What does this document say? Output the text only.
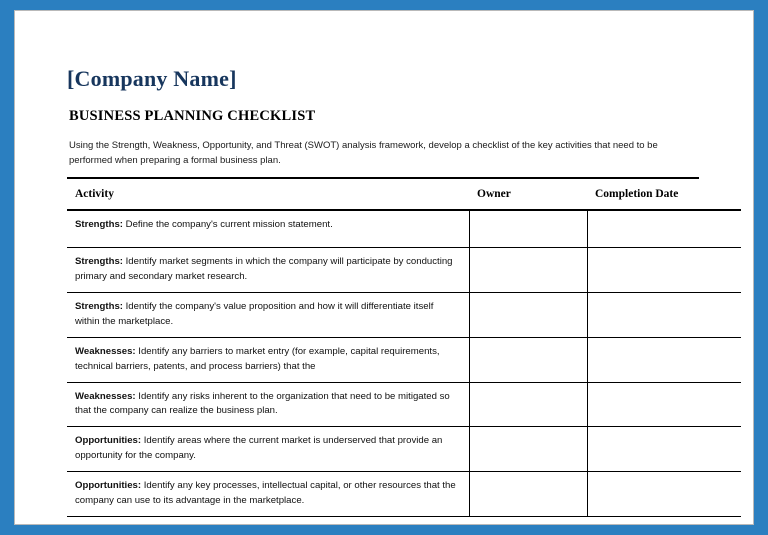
[Company Name]
BUSINESS PLANNING CHECKLIST

Using the Strength, Weakness, Opportunity, and Threat (SWOT) analysis framework, develop a checklist of the key activities that need to be performed when preparing a formal business plan.

Activity	Owner	Completion Date
Strengths: Define the company's current mission statement.		
Strengths: Identify market segments in which the company will participate by conducting primary and secondary market research.		
Strengths: Identify the company's value proposition and how it will differentiate itself within the marketplace.		
Weaknesses: Identify any barriers to market entry (for example, capital requirements, technical barriers, patents, and process barriers) that the		
Weaknesses: Identify any risks inherent to the organization that need to be mitigated so that the company can realize the business plan.		
Opportunities: Identify areas where the current market is underserved that provide an opportunity for the company.		
Opportunities: Identify any key processes, intellectual capital, or other resources that the company can use to its advantage in the marketplace.		
